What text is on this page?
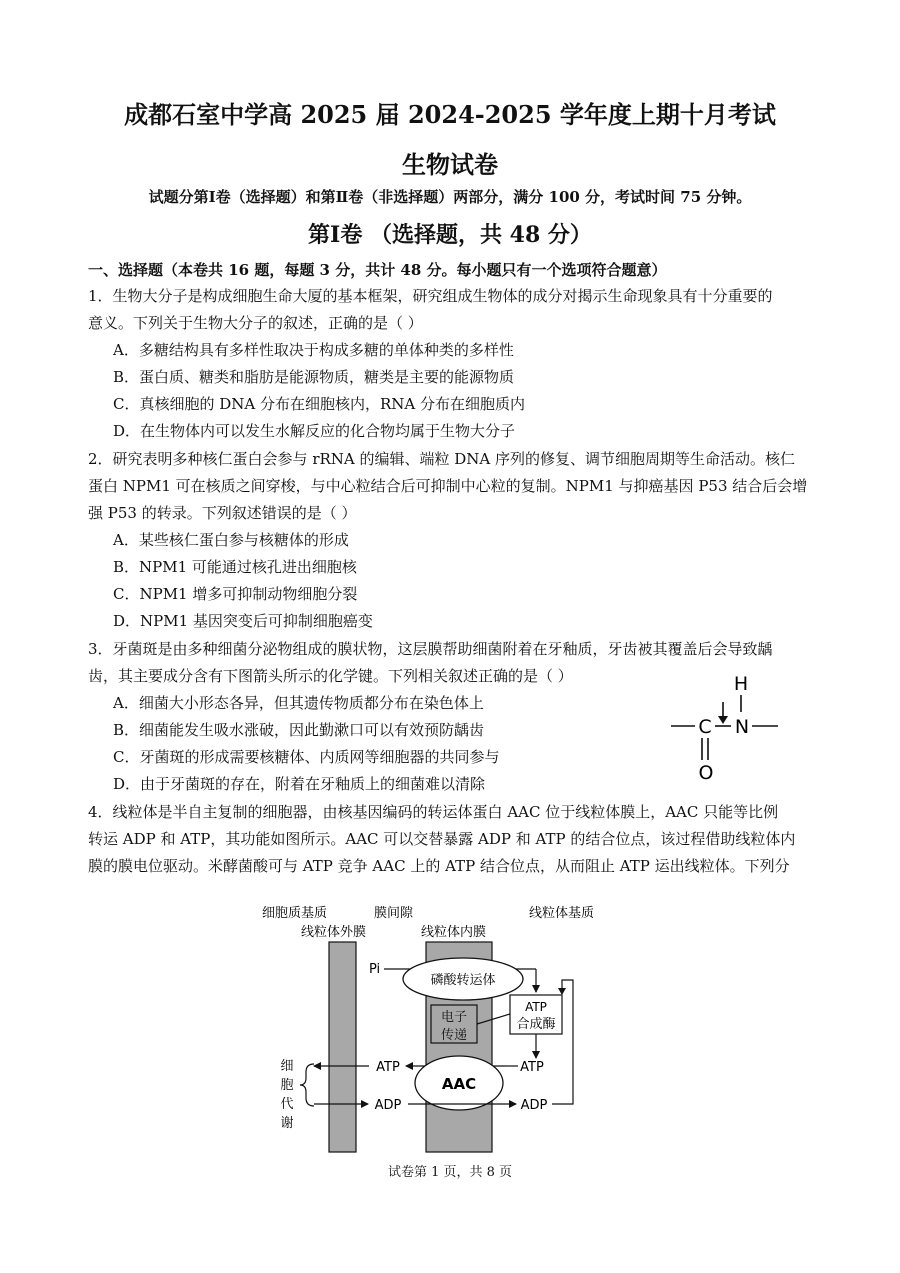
成都石室中学高 2025 届 2024-2025 学年度上期十月考试
生物试卷
试题分第Ⅰ卷（选择题）和第Ⅱ卷（非选择题）两部分，满分 100 分，考试时间 75 分钟。
第Ⅰ卷 （选择题，共 48 分）
一、选择题（本卷共 16 题，每题 3 分，共计 48 分。每小题只有一个选项符合题意）
1．生物大分子是构成细胞生命大厦的基本框架，研究组成生物体的成分对揭示生命现象具有十分重要的
意义。下列关于生物大分子的叙述，正确的是（ ）
A．多糖结构具有多样性取决于构成多糖的单体种类的多样性
B．蛋白质、糖类和脂肪是能源物质，糖类是主要的能源物质
C．真核细胞的 DNA 分布在细胞核内，RNA 分布在细胞质内
D．在生物体内可以发生水解反应的化合物均属于生物大分子
2．研究表明多种核仁蛋白会参与 rRNA 的编辑、端粒 DNA 序列的修复、调节细胞周期等生命活动。核仁
蛋白 NPM1 可在核质之间穿梭，与中心粒结合后可抑制中心粒的复制。NPM1 与抑癌基因 P53 结合后会增
强 P53 的转录。下列叙述错误的是（ ）
A．某些核仁蛋白参与核糖体的形成
B．NPM1 可能通过核孔进出细胞核
C．NPM1 增多可抑制动物细胞分裂
D．NPM1 基因突变后可抑制细胞癌变
3．牙菌斑是由多种细菌分泌物组成的膜状物，这层膜帮助细菌附着在牙釉质，牙齿被其覆盖后会导致龋
齿，其主要成分含有下图箭头所示的化学键。下列相关叙述正确的是（ ）
A．细菌大小形态各异，但其遗传物质都分布在染色体上
B．细菌能发生吸水涨破，因此勤漱口可以有效预防龋齿
C．牙菌斑的形成需要核糖体、内质网等细胞器的共同参与
D．由于牙菌斑的存在，附着在牙釉质上的细菌难以清除
H
C N
O
4．线粒体是半自主复制的细胞器，由核基因编码的转运体蛋白 AAC 位于线粒体膜上，AAC 只能等比例
转运 ADP 和 ATP，其功能如图所示。AAC 可以交替暴露 ADP 和 ATP 的结合位点，该过程借助线粒体内
膜的膜电位驱动。米酵菌酸可与 ATP 竞争 AAC 上的 ATP 结合位点，从而阻止 ATP 运出线粒体。下列分
细胞质基质
线粒体外膜
膜间隙
线粒体内膜
线粒体基质
Pi
磷酸转运体
ATP
合成酶
电子
传递
ATP
ATP
AAC
ADP	ADP
细
胞
代
谢
试卷第 1 页，共 8 页
